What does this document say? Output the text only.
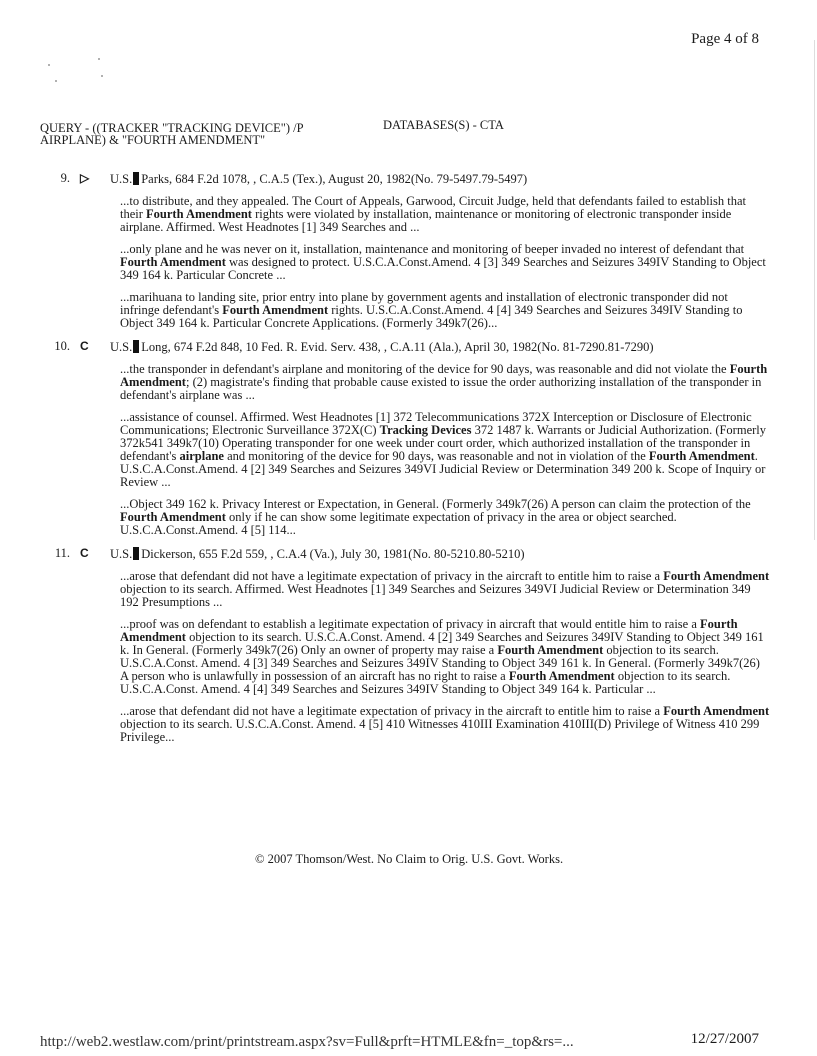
Page 4 of 8
QUERY - ((TRACKER "TRACKING DEVICE") /P AIRPLANE) & "FOURTH AMENDMENT"
DATABASES(S) - CTA
9. ▷	U.S. Parks, 684 F.2d 1078, , C.A.5 (Tex.), August 20, 1982(No. 79-5497.79-5497)
...to distribute, and they appealed. The Court of Appeals, Garwood, Circuit Judge, held that defendants failed to establish that their Fourth Amendment rights were violated by installation, maintenance or monitoring of electronic transponder inside airplane. Affirmed. West Headnotes [1] 349 Searches and ...
...only plane and he was never on it, installation, maintenance and monitoring of beeper invaded no interest of defendant that Fourth Amendment was designed to protect. U.S.C.A.Const.Amend. 4 [3] 349 Searches and Seizures 349IV Standing to Object 349 164 k. Particular Concrete ...
...marihuana to landing site, prior entry into plane by government agents and installation of electronic transponder did not infringe defendant's Fourth Amendment rights. U.S.C.A.Const.Amend. 4 [4] 349 Searches and Seizures 349IV Standing to Object 349 164 k. Particular Concrete Applications. (Formerly 349k7(26)...
10. C	U.S. Long, 674 F.2d 848, 10 Fed. R. Evid. Serv. 438, , C.A.11 (Ala.), April 30, 1982(No. 81-7290.81-7290)
...the transponder in defendant's airplane and monitoring of the device for 90 days, was reasonable and did not violate the Fourth Amendment; (2) magistrate's finding that probable cause existed to issue the order authorizing installation of the transponder in defendant's airplane was ...
...assistance of counsel. Affirmed. West Headnotes [1] 372 Telecommunications 372X Interception or Disclosure of Electronic Communications; Electronic Surveillance 372X(C) Tracking Devices 372 1487 k. Warrants or Judicial Authorization. (Formerly 372k541 349k7(10) Operating transponder for one week under court order, which authorized installation of the transponder in defendant's airplane and monitoring of the device for 90 days, was reasonable and not in violation of the Fourth Amendment. U.S.C.A.Const.Amend. 4 [2] 349 Searches and Seizures 349VI Judicial Review or Determination 349 200 k. Scope of Inquiry or Review ...
...Object 349 162 k. Privacy Interest or Expectation, in General. (Formerly 349k7(26) A person can claim the protection of the Fourth Amendment only if he can show some legitimate expectation of privacy in the area or object searched. U.S.C.A.Const.Amend. 4 [5] 114...
11. C	U.S. Dickerson, 655 F.2d 559, , C.A.4 (Va.), July 30, 1981(No. 80-5210.80-5210)
...arose that defendant did not have a legitimate expectation of privacy in the aircraft to entitle him to raise a Fourth Amendment objection to its search. Affirmed. West Headnotes [1] 349 Searches and Seizures 349VI Judicial Review or Determination 349 192 Presumptions ...
...proof was on defendant to establish a legitimate expectation of privacy in aircraft that would entitle him to raise a Fourth Amendment objection to its search. U.S.C.A.Const. Amend. 4 [2] 349 Searches and Seizures 349IV Standing to Object 349 161 k. In General. (Formerly 349k7(26) Only an owner of property may raise a Fourth Amendment objection to its search. U.S.C.A.Const. Amend. 4 [3] 349 Searches and Seizures 349IV Standing to Object 349 161 k. In General. (Formerly 349k7(26) A person who is unlawfully in possession of an aircraft has no right to raise a Fourth Amendment objection to its search. U.S.C.A.Const. Amend. 4 [4] 349 Searches and Seizures 349IV Standing to Object 349 164 k. Particular ...
...arose that defendant did not have a legitimate expectation of privacy in the aircraft to entitle him to raise a Fourth Amendment objection to its search. U.S.C.A.Const. Amend. 4 [5] 410 Witnesses 410III Examination 410III(D) Privilege of Witness 410 299 Privilege...
© 2007 Thomson/West. No Claim to Orig. U.S. Govt. Works.
http://web2.westlaw.com/print/printstream.aspx?sv=Full&prft=HTMLE&fn=_top&rs=...	12/27/2007
